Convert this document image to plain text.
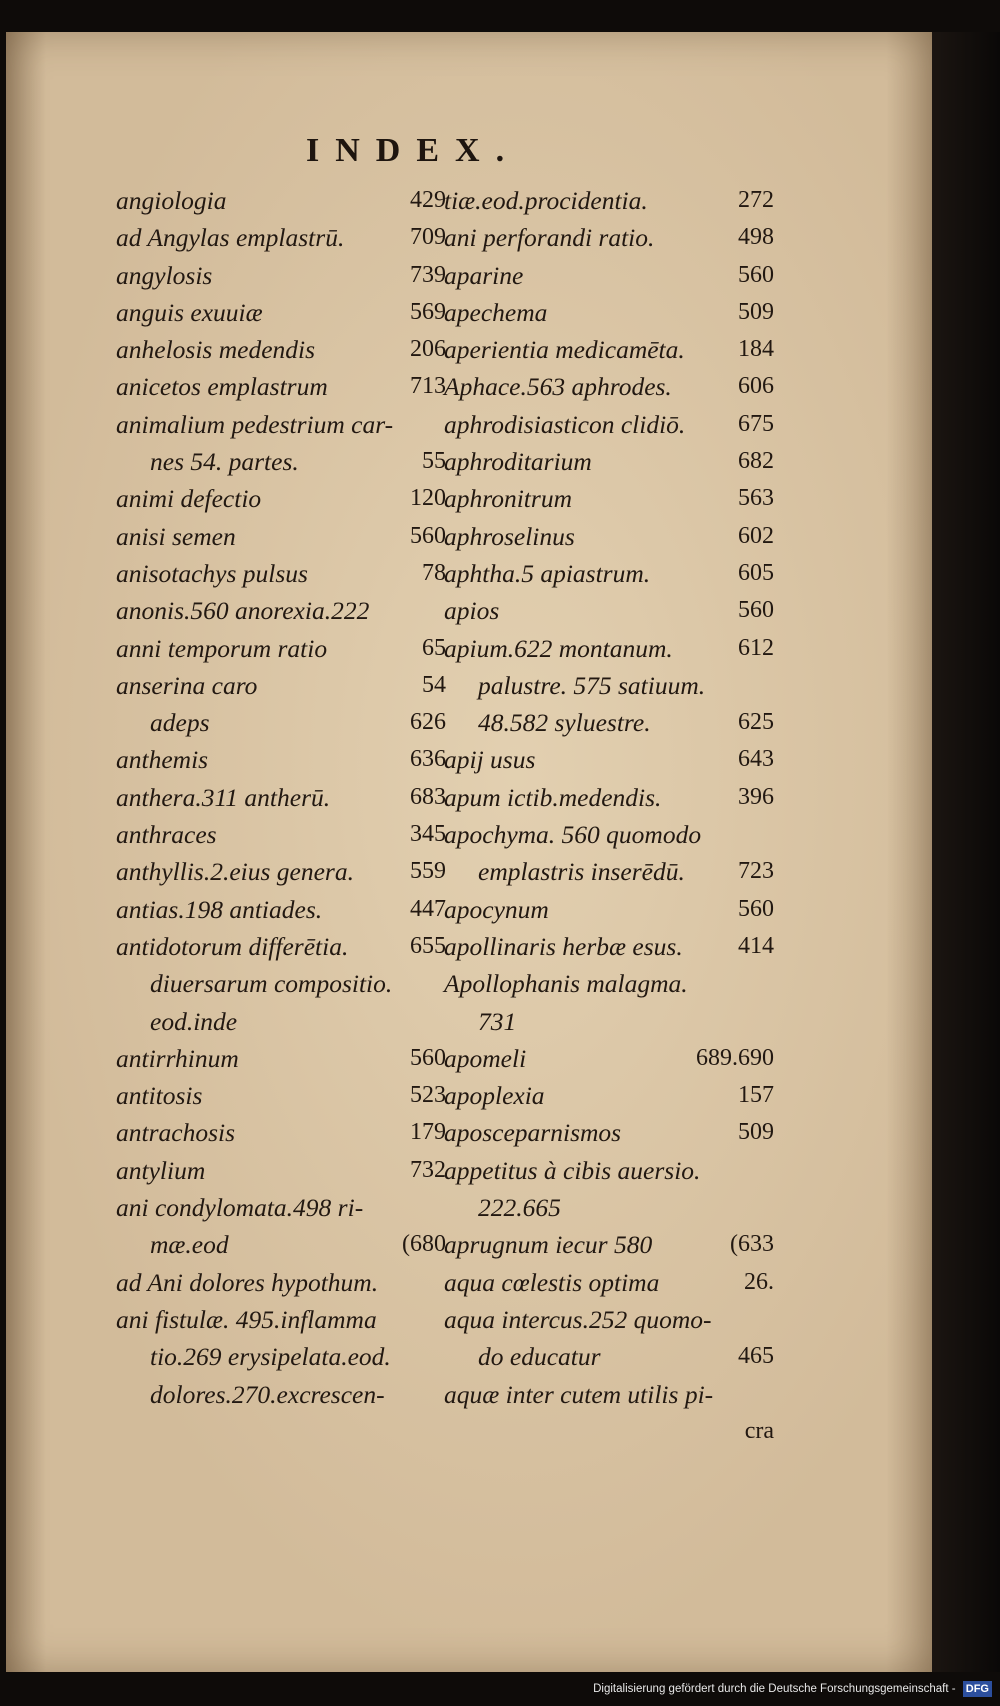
INDEX.
angiologia	429
ad Angylas emplastrū.	709
angylosis	739
anguis exuuiæ	569
anhelosis medendis	206
anicetos emplastrum	713
animalium pedestrium car-
nes 54. partes.	55
animi defectio	120
anisi semen	560
anisotachys pulsus	78
anonis.560 anorexia.222
anni temporum ratio	65
anserina caro	54
adeps	626
anthemis	636
anthera.311 antherū.	683
anthraces	345
anthyllis.2.eius genera. 559
antias.198 antiades.	447
antidotorum differētia.	655
diuersarum compositio.
eod.inde
antirrhinum	560
antitosis	523
antrachosis	179
antylium	732
ani condylomata.498 ri-
mæ.eod	(680
ad Ani dolores hypothum.
ani fistulæ. 495.inflamma
tio.269 erysipelata.eod.
dolores.270.excrescen-
tiæ.eod.procidentia.	272
ani perforandi ratio.	498
aparine	560
apechema	509
aperientia medicamēta. 184
Aphace.563 aphrodes.	606
aphrodisiasticon clidiō. 675
aphroditarium	682
aphronitrum	563
aphroselinus	602
aphtha.5 apiastrum.	605
apios	560
apium.622 montanum.	612
palustre. 575 satiuum.
48.582 syluestre.	625
apij usus	643
apum ictib.medendis.	396
apochyma. 560 quomodo
emplastris inserēdū. 723
apocynum	560
apollinaris herbæ esus. 414
Apollophanis malagma.
731
apomeli	689.690
apoplexia	157
aposceparnismos	509
appetitus à cibis auersio.
222.665
aprugnum iecur 580	(633
aqua cœlestis optima	26.
aqua intercus.252 quomo-
do educatur	465
aquæ inter cutem utilis pi-
cra
Digitalisierung gefördert durch die Deutsche Forschungsgemeinschaft - DFG
